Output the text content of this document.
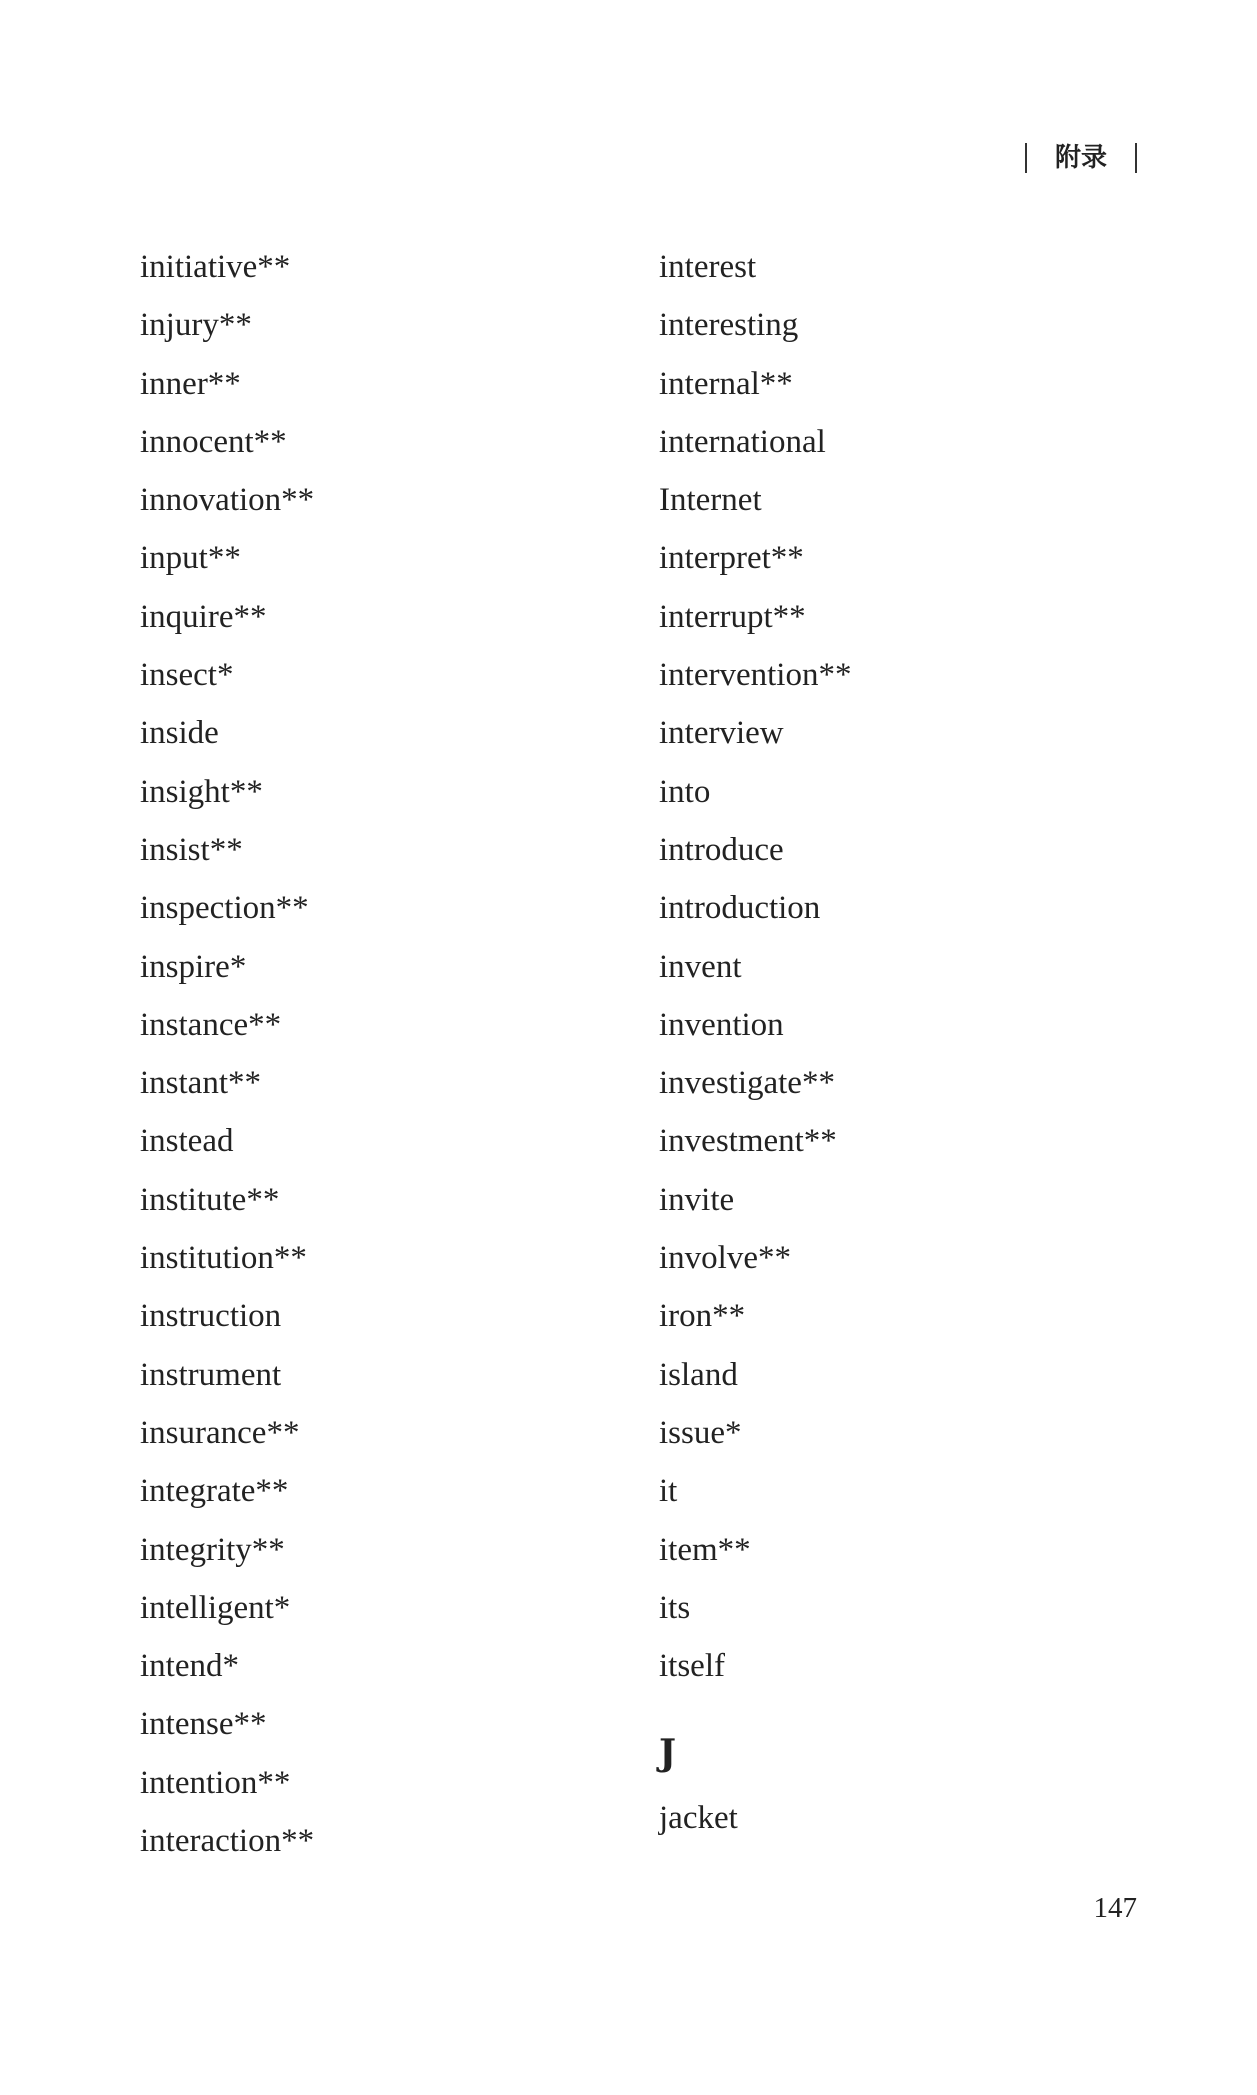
附录
initiative**
injury**
inner**
innocent**
innovation**
input**
inquire**
insect*
inside
insight**
insist**
inspection**
inspire*
instance**
instant**
instead
institute**
institution**
instruction
instrument
insurance**
integrate**
integrity**
intelligent*
intend*
intense**
intention**
interaction**
interest
interesting
internal**
international
Internet
interpret**
interrupt**
intervention**
interview
into
introduce
introduction
invent
invention
investigate**
investment**
invite
involve**
iron**
island
issue*
it
item**
its
itself
J
jacket
147
